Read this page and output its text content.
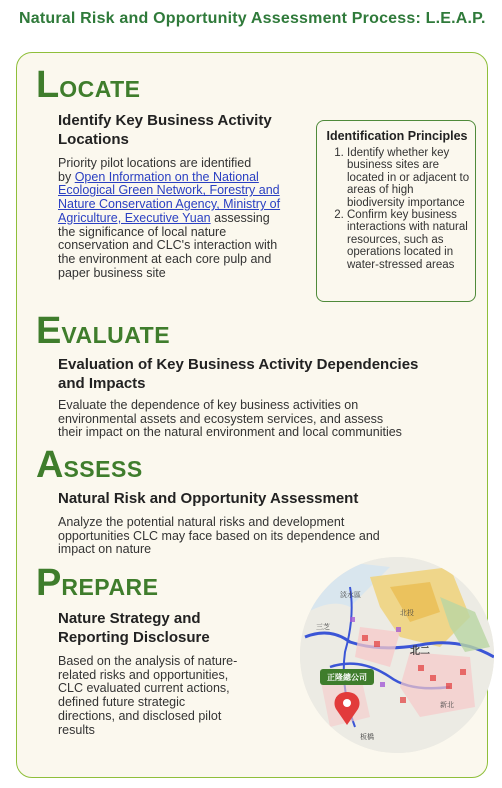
Natural Risk and Opportunity Assessment Process: L.E.A.P.
LOCATE
Identify Key Business Activity
Locations
Priority pilot locations are identified
by Open Information on the National
Ecological Green Network, Forestry and
Nature Conservation Agency, Ministry of
Agriculture, Executive Yuan assessing
the significance of local nature
conservation and CLC's interaction with
the environment at each core pulp and
paper business site
Identification Principles
1. Identify whether key business sites are located in or adjacent to areas of high biodiversity importance
2. Confirm key business interactions with natural resources, such as operations located in water-stressed areas
EVALUATE
Evaluation of Key Business Activity Dependencies
and Impacts
Evaluate the dependence of key business activities on
environmental assets and ecosystem services, and assess
their impact on the natural environment and local communities
ASSESS
Natural Risk and Opportunity Assessment
Analyze the potential natural risks and development
opportunities CLC may face based on its dependence and
impact on nature
PREPARE
Nature Strategy and
Reporting Disclosure
Based on the analysis of nature-
related risks and opportunities,
CLC evaluated current actions,
defined future strategic
directions, and disclosed pilot
results
淡水區
三芝
北投
新北
板橋
北二
正隆總公司
